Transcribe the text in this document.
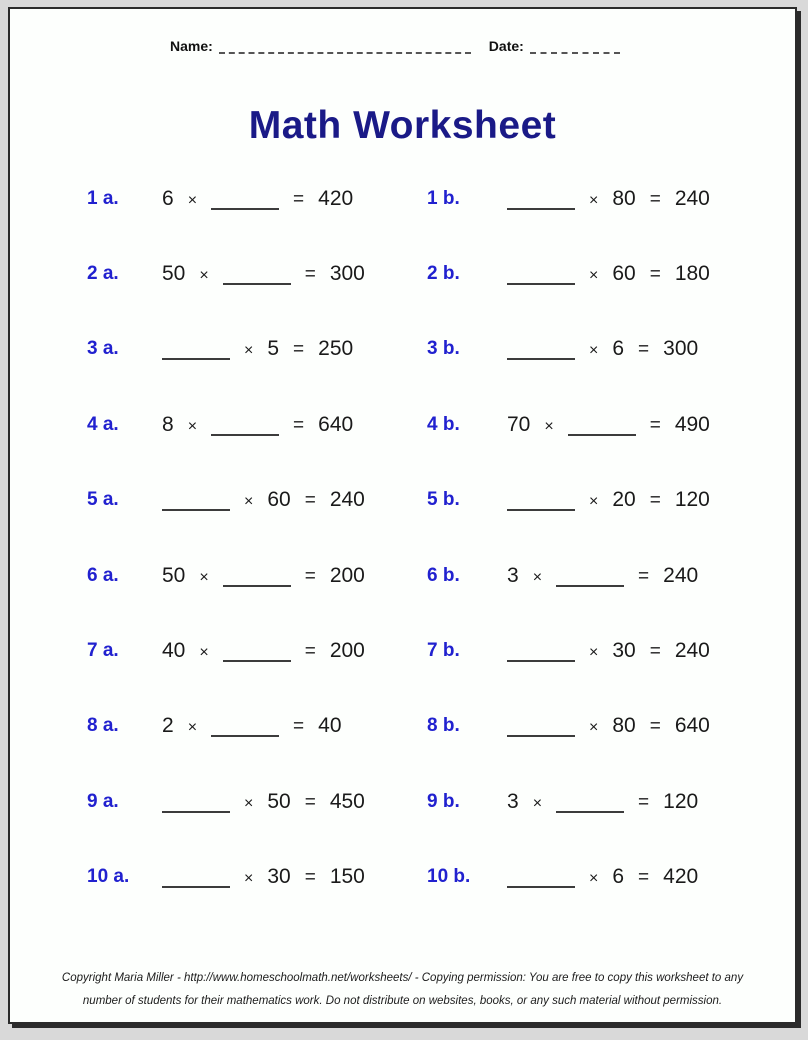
Name:	Date:
Math Worksheet
1 a.	6 ×	= 420	1 b.	× 80 = 240
2 a.	50 ×	= 300	2 b.	× 60 = 180
3 a.	× 5 = 250	3 b.	× 6 = 300
4 a.	8 ×	= 640	4 b.	70 ×	= 490
5 a.	× 60 = 240	5 b.	× 20 = 120
6 a.	50 ×	= 200	6 b.	3 ×	= 240
7 a.	40 ×	= 200	7 b.	× 30 = 240
8 a.	2 ×	= 40	8 b.	× 80 = 640
9 a.	× 50 = 450	9 b.	3 ×	= 120
10 a.	× 30 = 150	10 b.	× 6 = 420
Copyright Maria Miller - http://www.homeschoolmath.net/worksheets/ - Copying permission: You are free to copy this worksheet to any
number of students for their mathematics work. Do not distribute on websites, books, or any such material without permission.
